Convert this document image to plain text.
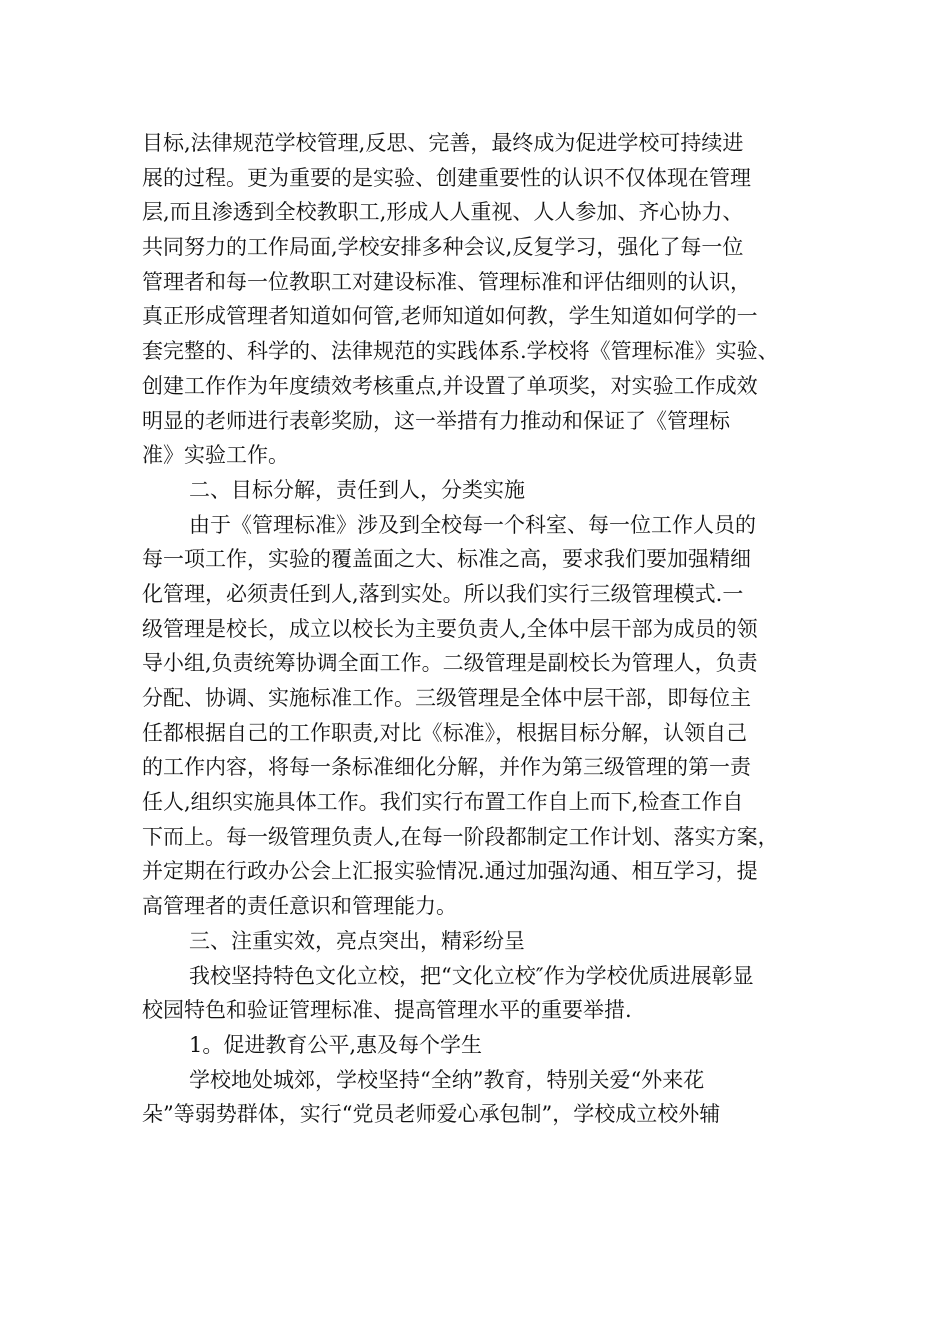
目标,法律规范学校管理,反思、完善，最终成为促进学校可持续进
展的过程。更为重要的是实验、创建重要性的认识不仅体现在管理
层,而且渗透到全校教职工,形成人人重视、人人参加、齐心协力、
共同努力的工作局面,学校安排多种会议,反复学习，强化了每一位
管理者和每一位教职工对建设标准、管理标准和评估细则的认识，
真正形成管理者知道如何管,老师知道如何教，学生知道如何学的一
套完整的、科学的、法律规范的实践体系.学校将《管理标准》实验、
创建工作作为年度绩效考核重点,并设置了单项奖，对实验工作成效
明显的老师进行表彰奖励，这一举措有力推动和保证了《管理标
准》实验工作。
二、目标分解，责任到人，分类实施
由于《管理标准》涉及到全校每一个科室、每一位工作人员的
每一项工作，实验的覆盖面之大、标准之高，要求我们要加强精细
化管理，必须责任到人,落到实处。所以我们实行三级管理模式.一
级管理是校长，成立以校长为主要负责人,全体中层干部为成员的领
导小组,负责统筹协调全面工作。二级管理是副校长为管理人，负责
分配、协调、实施标准工作。三级管理是全体中层干部，即每位主
任都根据自己的工作职责,对比《标准》，根据目标分解，认领自己
的工作内容，将每一条标准细化分解，并作为第三级管理的第一责
任人,组织实施具体工作。我们实行布置工作自上而下,检查工作自
下而上。每一级管理负责人,在每一阶段都制定工作计划、落实方案，
并定期在行政办公会上汇报实验情况.通过加强沟通、相互学习，提
高管理者的责任意识和管理能力。
三、注重实效，亮点突出，精彩纷呈
我校坚持特色文化立校，把“文化立校″作为学校优质进展彰显
校园特色和验证管理标准、提高管理水平的重要举措.
1。促进教育公平,惠及每个学生
学校地处城郊，学校坚持“全纳”教育，特别关爱“外来花
朵”等弱势群体，实行“党员老师爱心承包制”，学校成立校外辅
